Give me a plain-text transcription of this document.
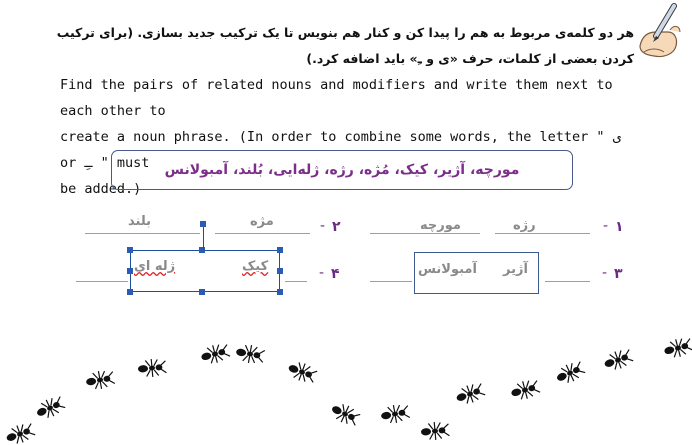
هر دو کلمه‌ی مربوط به هم را پیدا کن و کنار هم بنویس تا یک ترکیب جدید بسازی. (برای ترکیب
کردن بعضی از کلمات، حرف «ی و ـِ» باید اضافه کرد.)
Find the pairs of related nouns and modifiers and write them next to each other to
create a noun phrase. (In order to combine some words, the letter " ی or ـِ " must
be added.)
مورچه، آژیر، کیک، مُژه، رژه، ژله‌ایی، بُلند، آمبولانس
۱
-
رژه
مورچه
۲
-
مژه
بلند
۳
-
آژیر
آمبولانس
۴
-
کیک
ژله ای
